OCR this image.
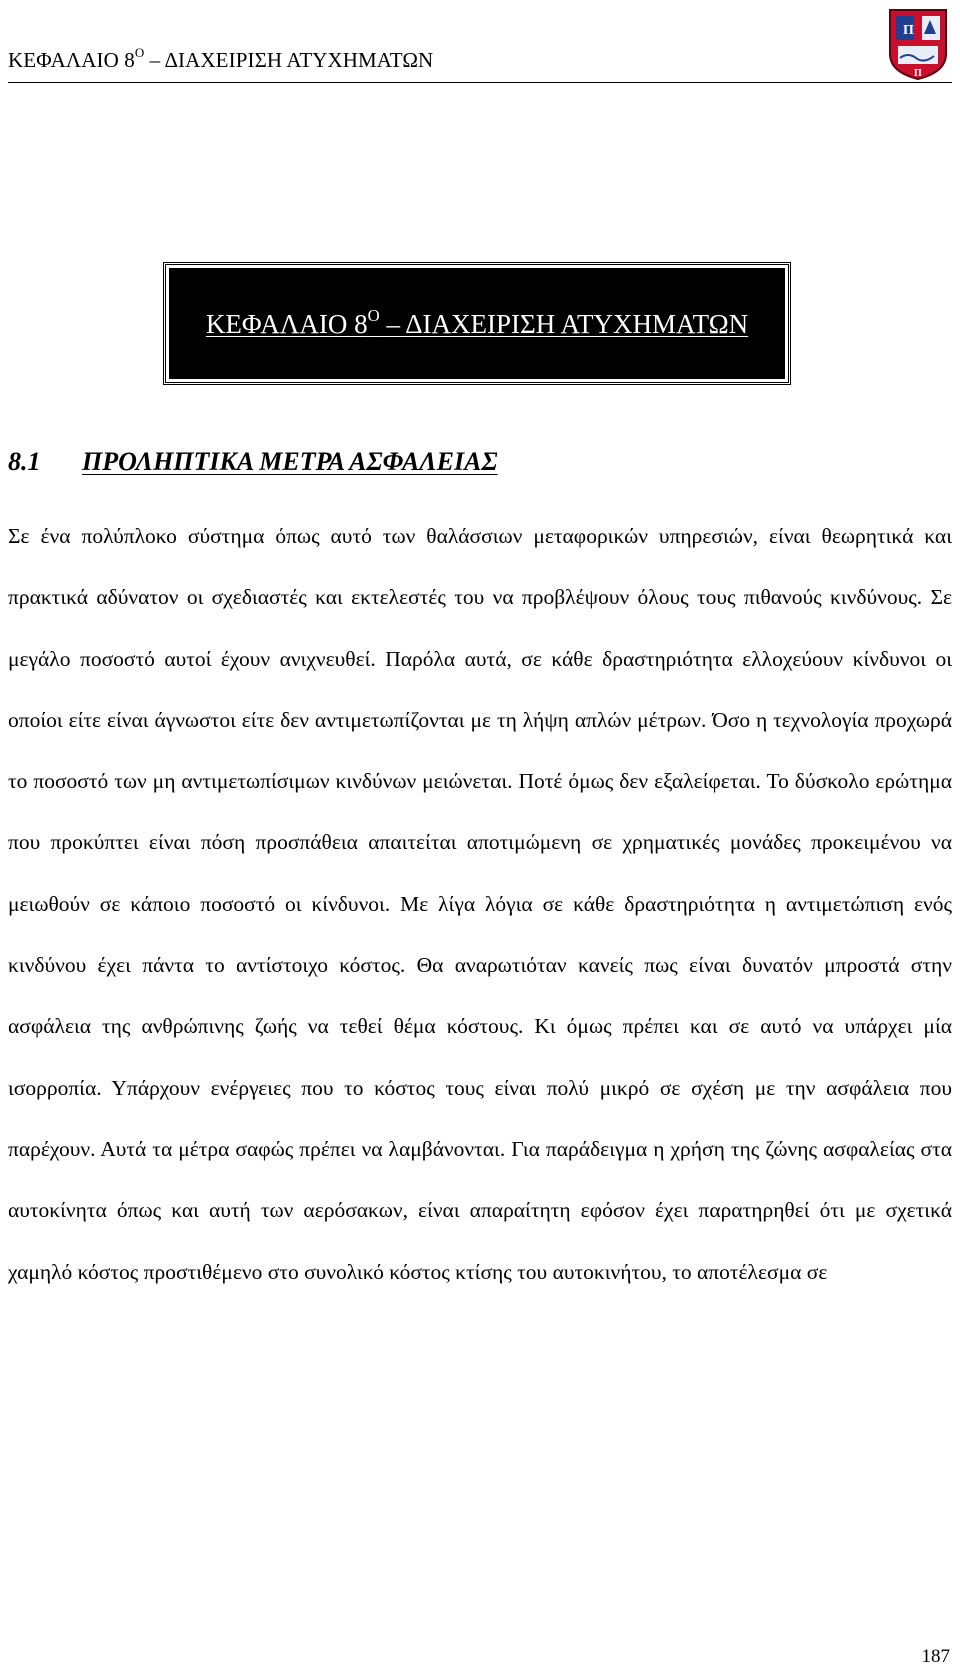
ΚΕΦΑΛΑΙΟ $8^O$ – ΔΙΑΧΕΙΡΙΣΗ ΑΤΥΧΗΜΑΤΩΝ
Π
Π
ΚΕΦΑΛΑΙΟ $8^O$ – ΔΙΑΧΕΙΡΙΣΗ ΑΤΥΧΗΜΑΤΩΝ
8.1 ΠΡΟΛΗΠΤΙΚΑ ΜΕΤΡΑ ΑΣΦΑΛΕΙΑΣ

Σε ένα πολύπλοκο σύστημα όπως αυτό των θαλάσσιων μεταφορικών υπηρεσιών, είναι θεωρητικά και πρακτικά αδύνατον οι σχεδιαστές και εκτελεστές του να προβλέψουν όλους τους πιθανούς κινδύνους. Σε μεγάλο ποσοστό αυτοί έχουν ανιχνευθεί. Παρόλα αυτά, σε κάθε δραστηριότητα ελλοχεύουν κίνδυνοι οι οποίοι είτε είναι άγνωστοι είτε δεν αντιμετωπίζονται με τη λήψη απλών μέτρων. Όσο η τεχνολογία προχωρά το ποσοστό των μη αντιμετωπίσιμων κινδύνων μειώνεται. Ποτέ όμως δεν εξαλείφεται. Το δύσκολο ερώτημα που προκύπτει είναι πόση προσπάθεια απαιτείται αποτιμώμενη σε χρηματικές μονάδες προκειμένου να μειωθούν σε κάποιο ποσοστό οι κίνδυνοι. Με λίγα λόγια σε κάθε δραστηριότητα η αντιμετώπιση ενός κινδύνου έχει πάντα το αντίστοιχο κόστος. Θα αναρωτιόταν κανείς πως είναι δυνατόν μπροστά στην ασφάλεια της ανθρώπινης ζωής να τεθεί θέμα κόστους. Κι όμως πρέπει και σε αυτό να υπάρχει μία ισορροπία. Υπάρχουν ενέργειες που το κόστος τους είναι πολύ μικρό σε σχέση με την ασφάλεια που παρέχουν. Αυτά τα μέτρα σαφώς πρέπει να λαμβάνονται. Για παράδειγμα η χρήση της ζώνης ασφαλείας στα αυτοκίνητα όπως και αυτή των αερόσακων, είναι απαραίτητη εφόσον έχει παρατηρηθεί ότι με σχετικά χαμηλό κόστος προστιθέμενο στο συνολικό κόστος κτίσης του αυτοκινήτου, το αποτέλεσμα σε

187
